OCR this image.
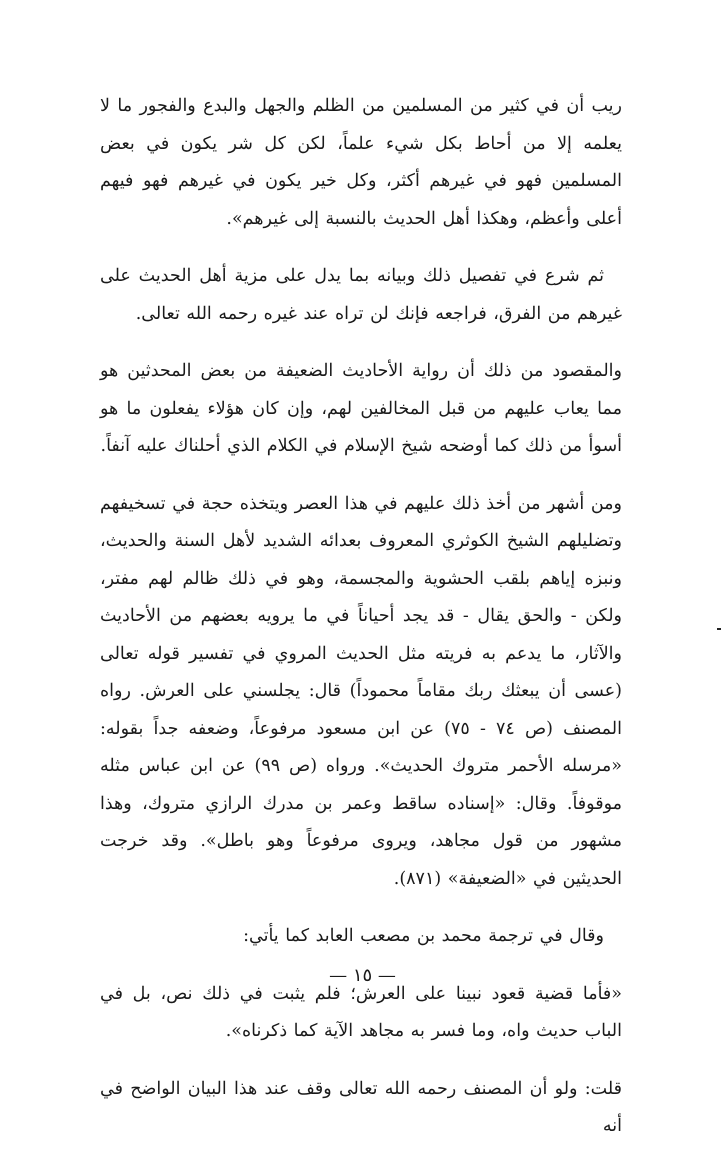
ريب أن في كثير من المسلمين من الظلم والجهل والبدع والفجور ما لا يعلمه إلا من أحاط بكل شيء علماً، لكن كل شر يكون في بعض المسلمين فهو في غيرهم أكثر، وكل خير يكون في غيرهم فهو فيهم أعلى وأعظم، وهكذا أهل الحديث بالنسبة إلى غيرهم».

ثم شرع في تفصيل ذلك وبيانه بما يدل على مزية أهل الحديث على غيرهم من الفرق، فراجعه فإنك لن تراه عند غيره رحمه الله تعالى.

والمقصود من ذلك أن رواية الأحاديث الضعيفة من بعض المحدثين هو مما يعاب عليهم من قبل المخالفين لهم، وإن كان هؤلاء يفعلون ما هو أسوأ من ذلك كما أوضحه شيخ الإسلام في الكلام الذي أحلناك عليه آنفاً.

ومن أشهر من أخذ ذلك عليهم في هذا العصر ويتخذه حجة في تسخيفهم وتضليلهم الشيخ الكوثري المعروف بعدائه الشديد لأهل السنة والحديث، ونبزه إياهم بلقب الحشوية والمجسمة، وهو في ذلك ظالم لهم مفتر، ولكن - والحق يقال - قد يجد أحياناً في ما يرويه بعضهم من الأحاديث والآثار، ما يدعم به فريته مثل الحديث المروي في تفسير قوله تعالى (عسى أن يبعثك ربك مقاماً محموداً) قال: يجلسني على العرش. رواه المصنف (ص ٧٤ - ٧٥) عن ابن مسعود مرفوعاً، وضعفه جداً بقوله: «مرسله الأحمر متروك الحديث». ورواه (ص ٩٩) عن ابن عباس مثله موقوفاً. وقال: «إسناده ساقط وعمر بن مدرك الرازي متروك، وهذا مشهور من قول مجاهد، ويروى مرفوعاً وهو باطل». وقد خرجت الحديثين في «الضعيفة» (٨٧١).

وقال في ترجمة محمد بن مصعب العابد كما يأتي:

«فأما قضية قعود نبينا على العرش؛ فلم يثبت في ذلك نص، بل في الباب حديث واه، وما فسر به مجاهد الآية كما ذكرناه».

قلت: ولو أن المصنف رحمه الله تعالى وقف عند هذا البيان الواضح في أنه

— ١٥ —
